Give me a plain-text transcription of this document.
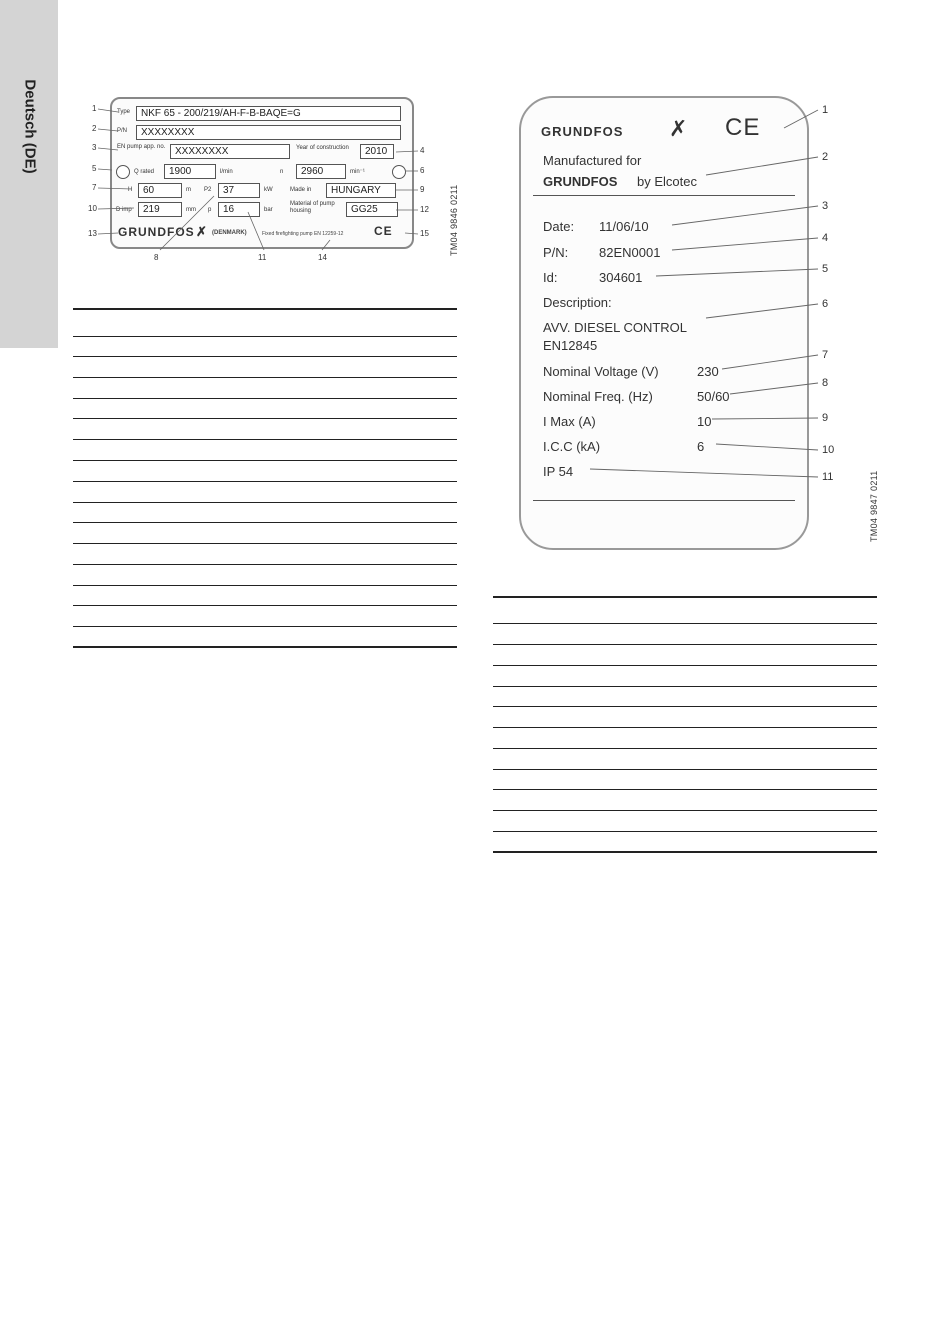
Deutsch (DE)	Type	NKF 65 - 200/219/AH-F-B-BAQE=G
P/N	XXXXXXXX
EN pump app. no. XXXXXXXX	Year of construction	2010
Q rated	1900	l/min	n	2960	min⁻¹
H	60	m P2	37	kW	Made in	HUNGARY
D imp	219	mm p	16	bar
Material of pump housing	GG25
GRUNDFOS ✗ (DENMARK)	Fixed firefighting pump EN 12259-12	CE
1
2
3	4
5	6
7
8
9
10
11
12
13
14
15 TM04 9846 0211
GRUNDFOS ✗ CE
Manufactured for
GRUNDFOS by Elcotec
Date: 11/06/10
P/N: 82EN0001
Id:	304601
Description:
AVV. DIESEL CONTROL
EN12845
Nominal Voltage (V)	230
Nominal Freq. (Hz)	50/60
I Max (A)	10
I.C.C (kA)	6
IP 54
1
2
3
4
5
6
7
8
9
10
11	TM04 9847 0211
